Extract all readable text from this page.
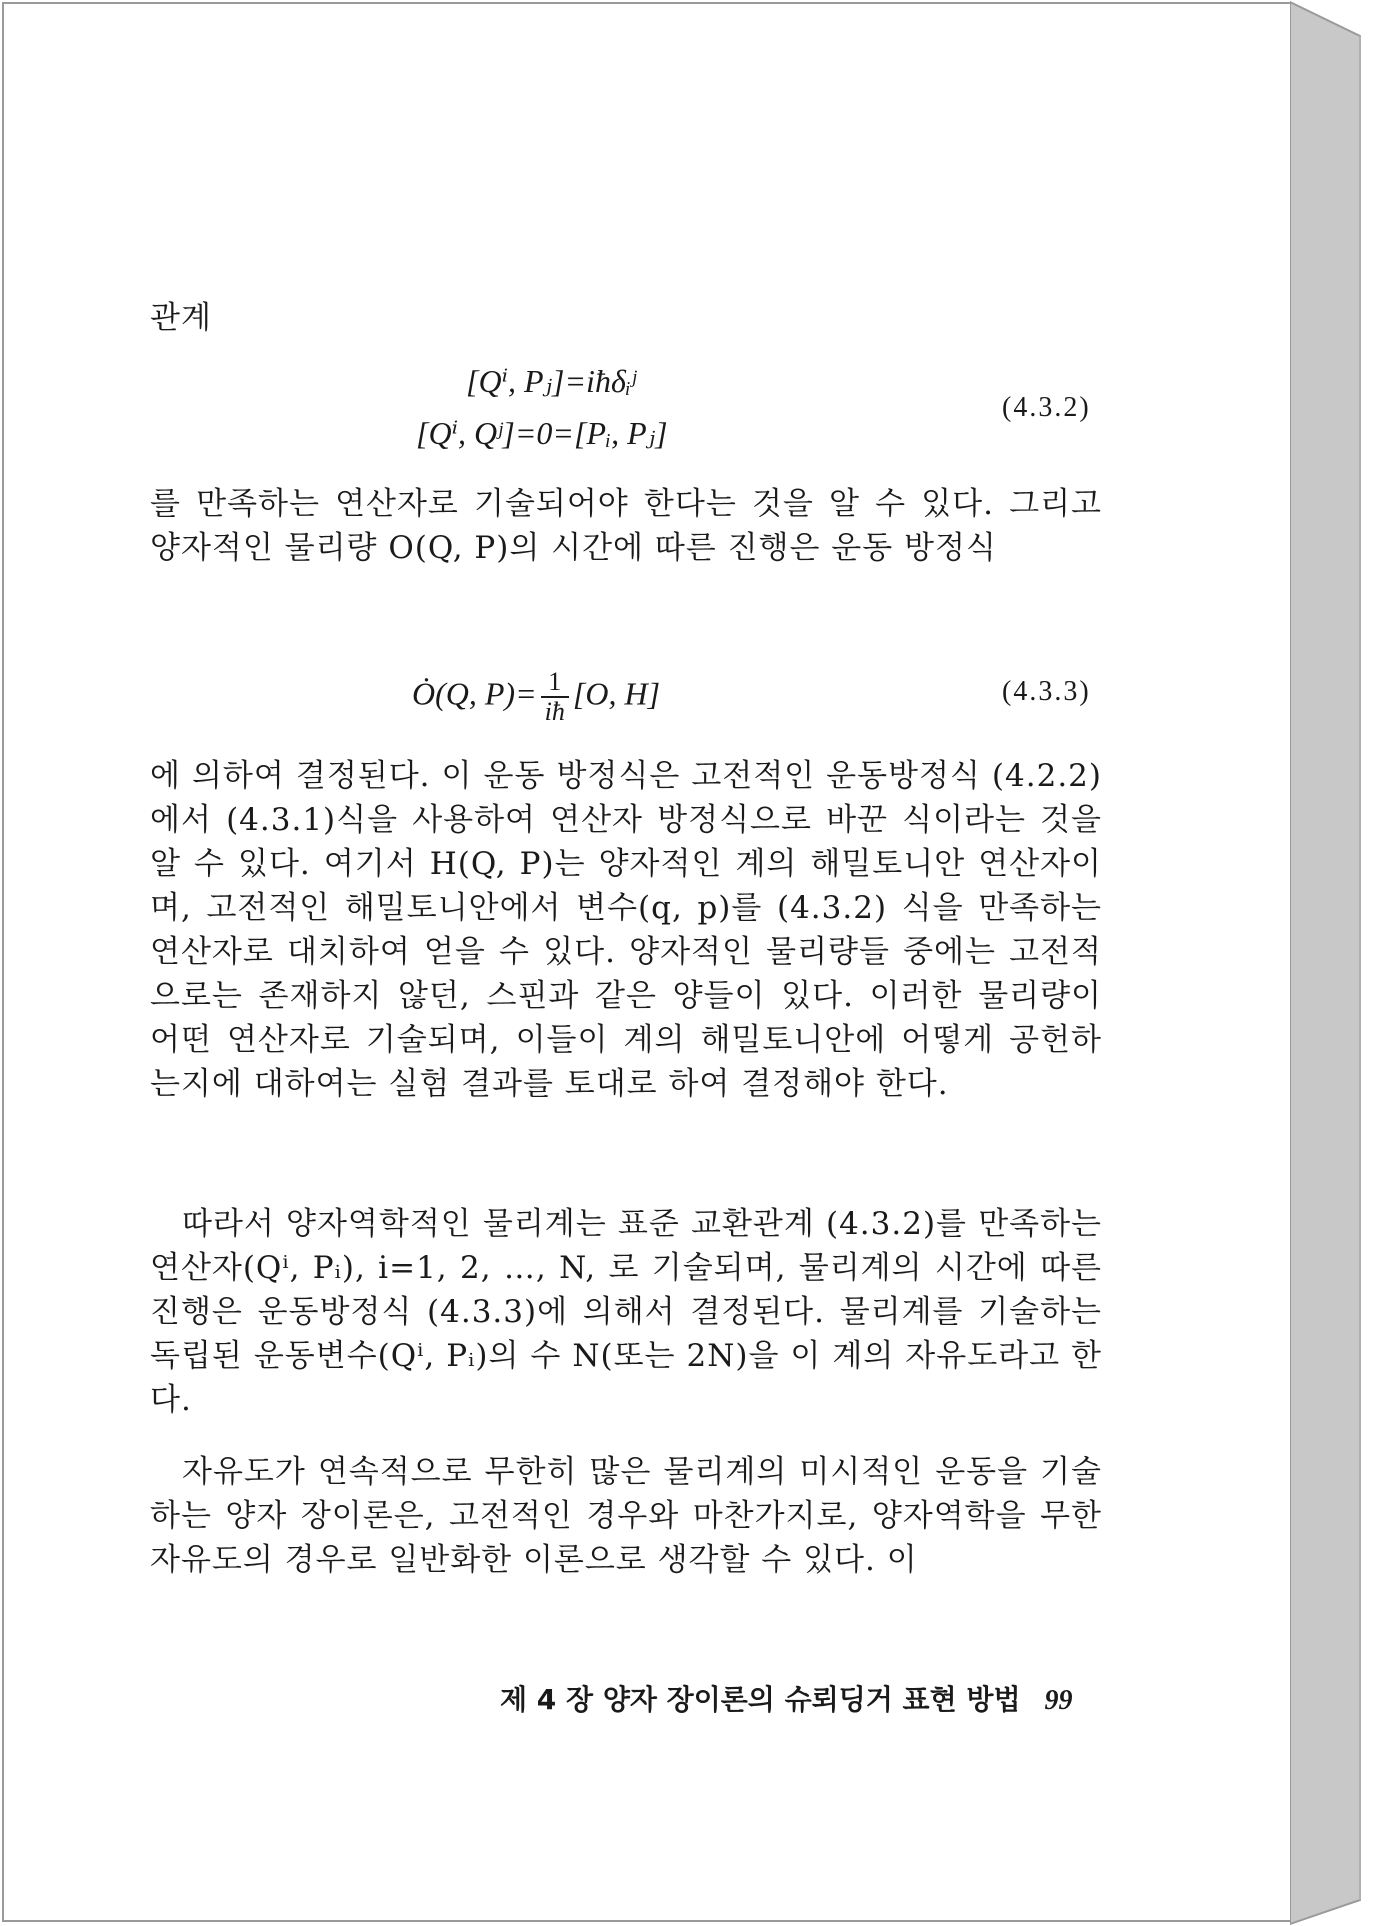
관계
[Qⁱ, Pⱼ]=iħδᵢʲ
[Qⁱ, Qʲ]=0=[Pᵢ, Pⱼ]
(4.3.2)
를 만족하는 연산자로 기술되어야 한다는 것을 알 수 있다. 그리고 양자적인 물리량 O(Q, P)의 시간에 따른 진행은 운동 방정식
Ȯ(Q, $P)= \frac{1}{iħ} [O$, H]	(4.3.3)
에 의하여 결정된다. 이 운동 방정식은 고전적인 운동방정식 (4.2.2)에서 (4.3.1)식을 사용하여 연산자 방정식으로 바꾼 식이라는 것을 알 수 있다. 여기서 H(Q, P)는 양자적인 계의 해밀토니안 연산자이며, 고전적인 해밀토니안에서 변수(q, p)를 (4.3.2) 식을 만족하는 연산자로 대치하여 얻을 수 있다. 양자적인 물리량들 중에는 고전적으로는 존재하지 않던, 스핀과 같은 양들이 있다. 이러한 물리량이 어떤 연산자로 기술되며, 이들이 계의 해밀토니안에 어떻게 공헌하는지에 대하여는 실험 결과를 토대로 하여 결정해야 한다.
따라서 양자역학적인 물리계는 표준 교환관계 (4.3.2)를 만족하는 연산자(Qⁱ, Pᵢ), i=1, 2, …, N, 로 기술되며, 물리계의 시간에 따른 진행은 운동방정식 (4.3.3)에 의해서 결정된다. 물리계를 기술하는 독립된 운동변수(Qⁱ, Pᵢ)의 수 N(또는 2N)을 이 계의 자유도라고 한다.
자유도가 연속적으로 무한히 많은 물리계의 미시적인 운동을 기술하는 양자 장이론은, 고전적인 경우와 마찬가지로, 양자역학을 무한 자유도의 경우로 일반화한 이론으로 생각할 수 있다. 이
제 4 장 양자 장이론의 슈뢰딩거 표현 방법 99
